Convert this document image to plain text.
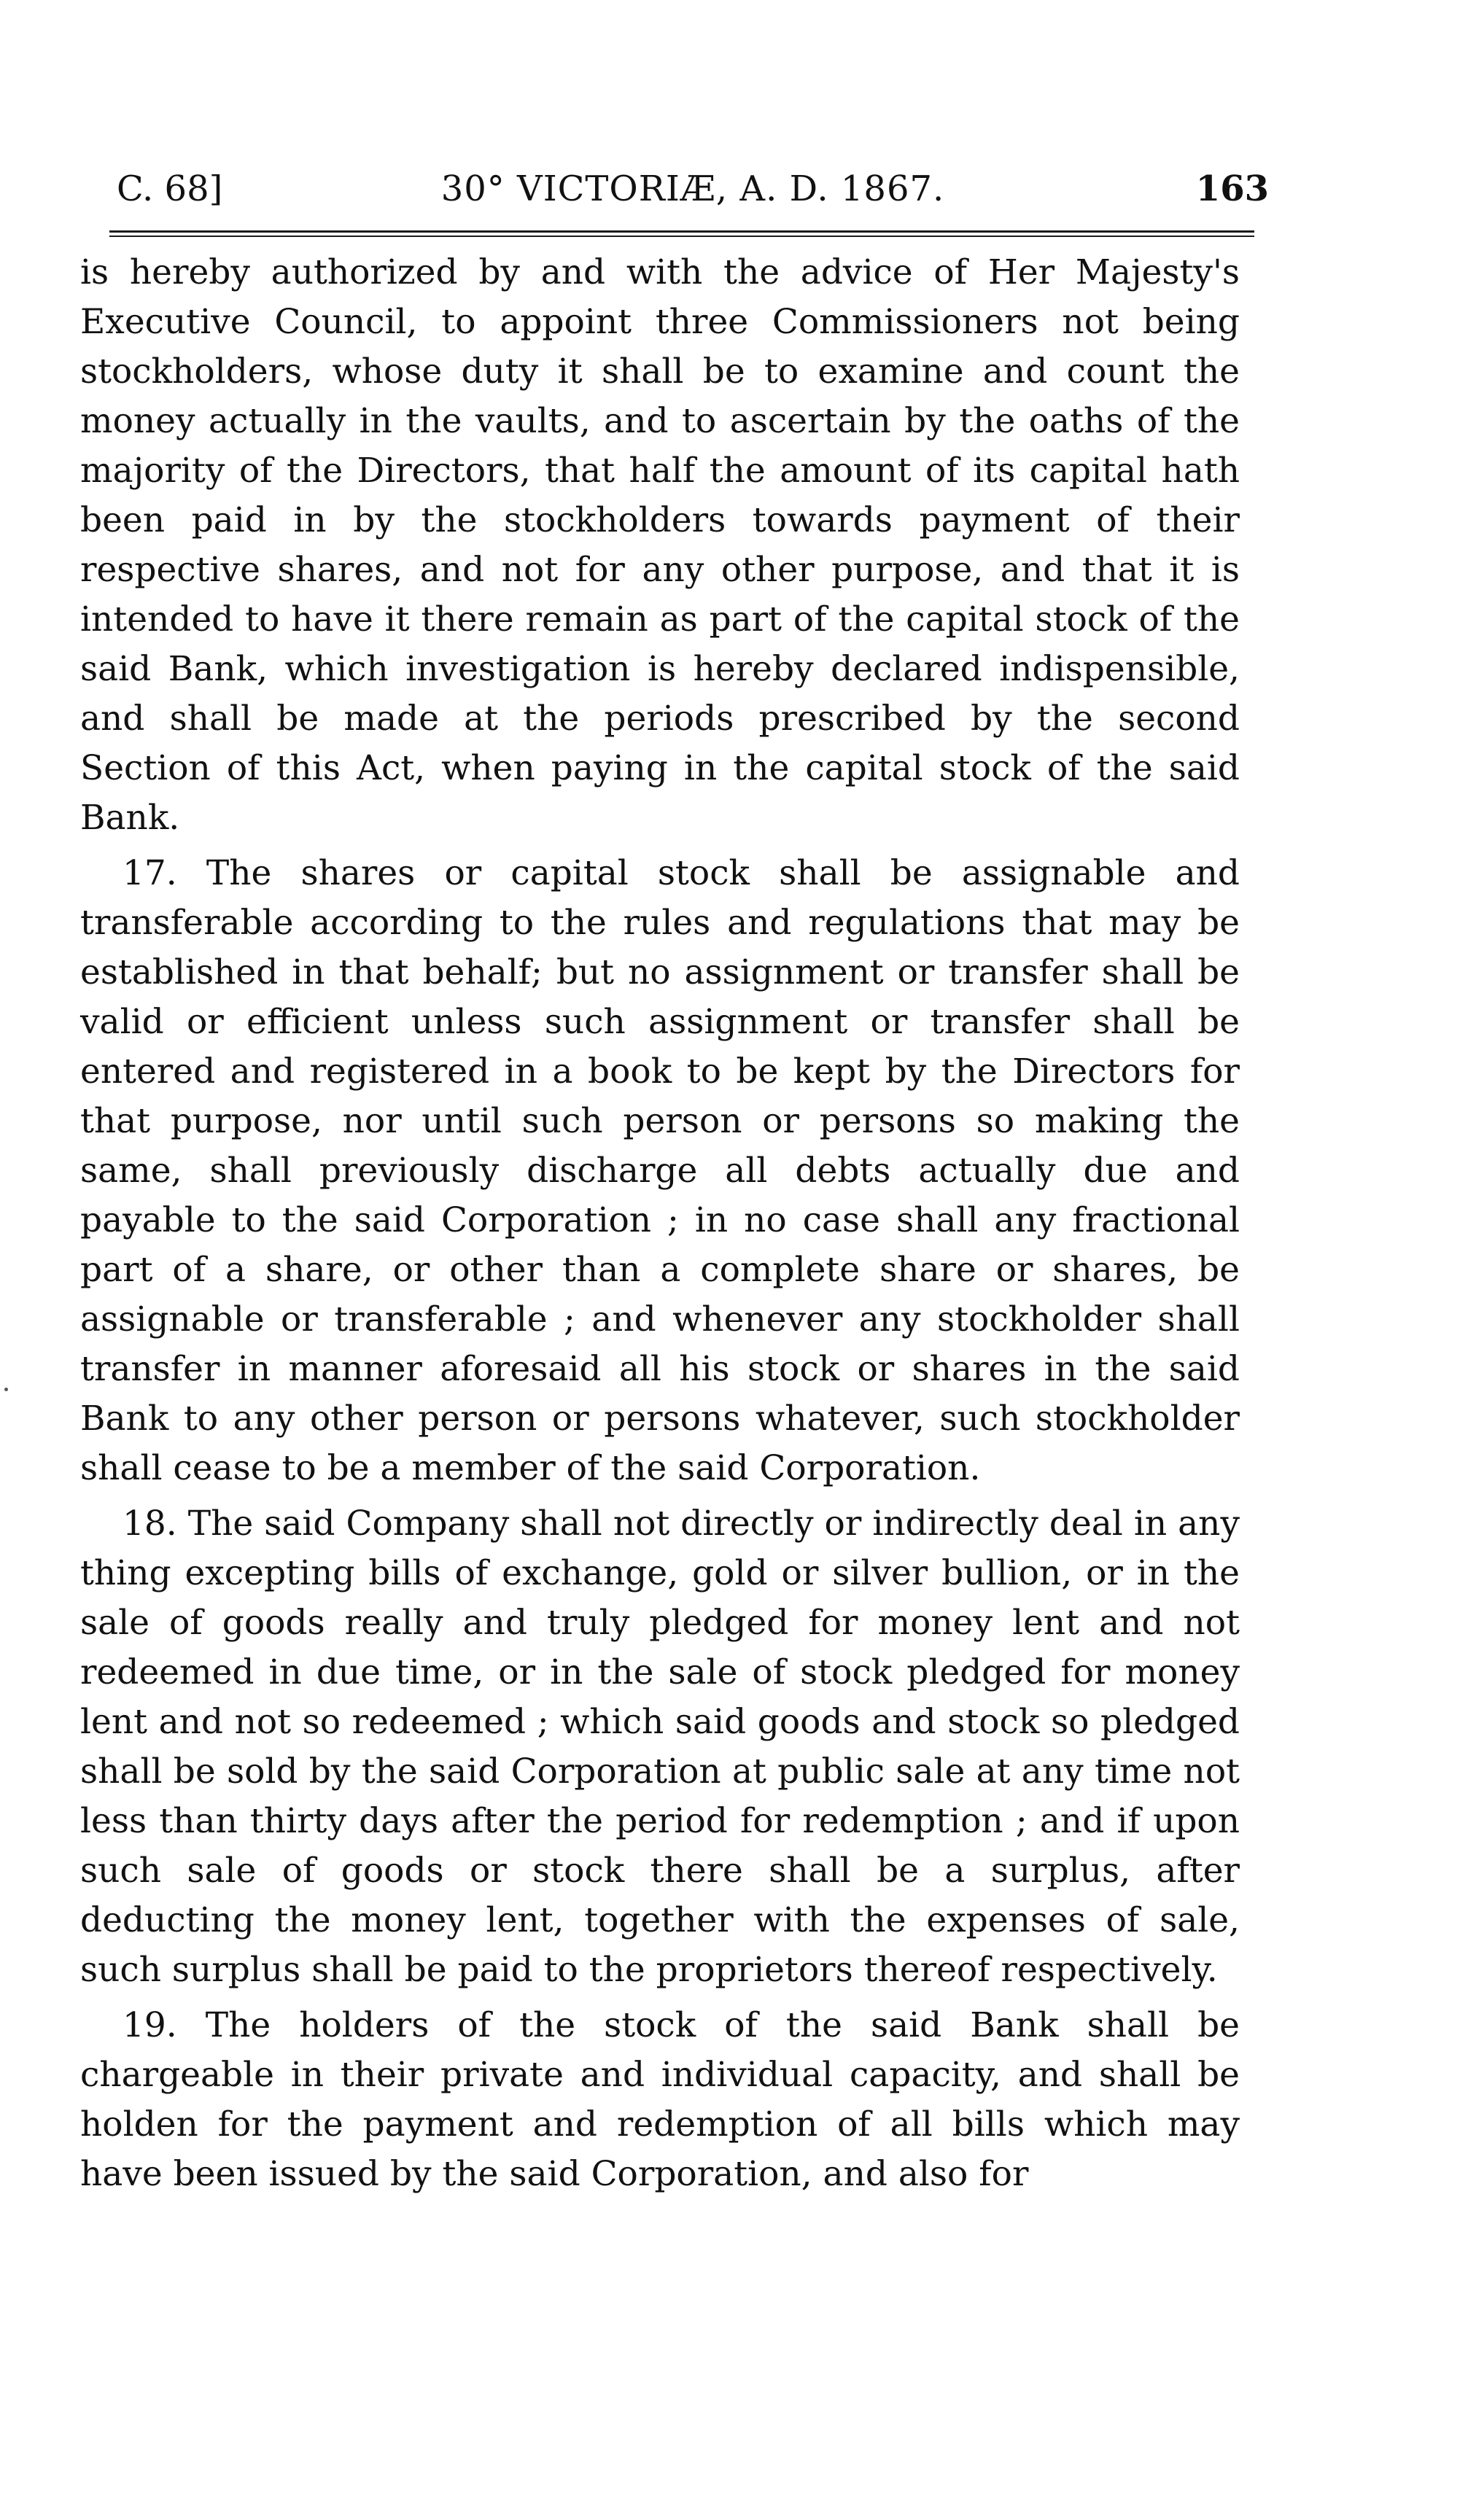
C. 68]	30° VICTORIÆ, A. D. 1867.	163

is hereby authorized by and with the advice of Her Majesty's Executive Council, to appoint three Commissioners not being stockholders, whose duty it shall be to examine and count the money actually in the vaults, and to ascertain by the oaths of the majority of the Directors, that half the amount of its capital hath been paid in by the stockholders towards payment of their respective shares, and not for any other purpose, and that it is intended to have it there remain as part of the capital stock of the said Bank, which investigation is hereby declared indispensible, and shall be made at the periods prescribed by the second Section of this Act, when paying in the capital stock of the said Bank.

17. The shares or capital stock shall be assignable and transferable according to the rules and regulations that may be established in that behalf; but no assignment or transfer shall be valid or efficient unless such assignment or transfer shall be entered and registered in a book to be kept by the Directors for that purpose, nor until such person or persons so making the same, shall previously discharge all debts actually due and payable to the said Corporation ; in no case shall any fractional part of a share, or other than a complete share or shares, be assignable or transferable ; and whenever any stockholder shall transfer in manner aforesaid all his stock or shares in the said Bank to any other person or persons whatever, such stockholder shall cease to be a member of the said Corporation.

18. The said Company shall not directly or indirectly deal in any thing excepting bills of exchange, gold or silver bullion, or in the sale of goods really and truly pledged for money lent and not redeemed in due time, or in the sale of stock pledged for money lent and not so redeemed ; which said goods and stock so pledged shall be sold by the said Corporation at public sale at any time not less than thirty days after the period for redemption ; and if upon such sale of goods or stock there shall be a surplus, after deducting the money lent, together with the expenses of sale, such surplus shall be paid to the proprietors thereof respectively.

19. The holders of the stock of the said Bank shall be chargeable in their private and individual capacity, and shall be holden for the payment and redemption of all bills which may have been issued by the said Corporation, and also for
